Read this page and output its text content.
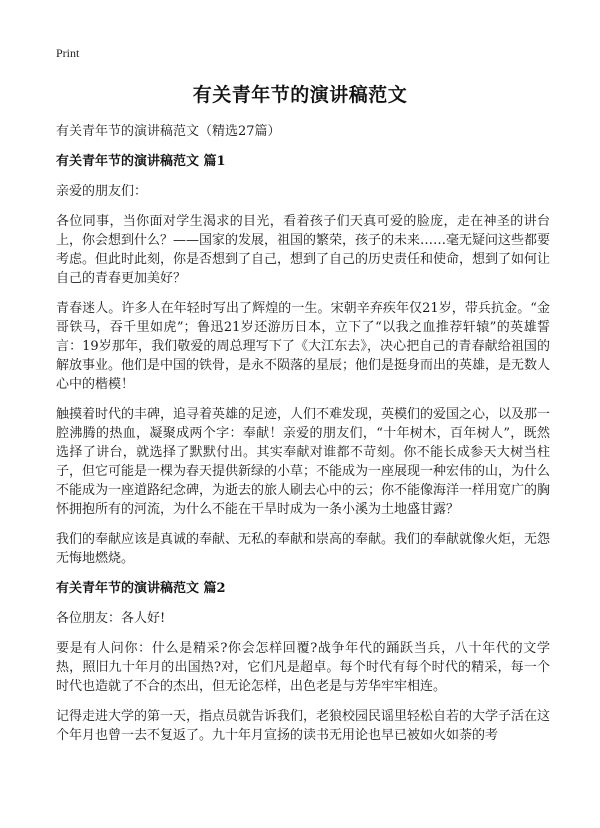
Print
有关青年节的演讲稿范文

有关青年节的演讲稿范文（精选27篇）

有关青年节的演讲稿范文 篇1

亲爱的朋友们：

各位同事，当你面对学生渴求的目光，看着孩子们天真可爱的脸庞，走在神圣的讲台上，你会想到什么？——国家的发展，祖国的繁荣，孩子的未来……毫无疑问这些都要考虑。但此时此刻，你是否想到了自己，想到了自己的历史责任和使命，想到了如何让自己的青春更加美好？

青春迷人。许多人在年轻时写出了辉煌的一生。宋朝辛弃疾年仅21岁，带兵抗金。“金哥铁马，吞千里如虎”；鲁迅21岁还游历日本，立下了“以我之血推荐轩辕”的英雄誓言：19岁那年，我们敬爱的周总理写下了《大江东去》，决心把自己的青春献给祖国的解放事业。他们是中国的铁骨，是永不陨落的星辰；他们是挺身而出的英雄，是无数人心中的楷模！

触摸着时代的丰碑，追寻着英雄的足迹，人们不难发现，英模们的爱国之心，以及那一腔沸腾的热血，凝聚成两个字：奉献！亲爱的朋友们，“十年树木，百年树人”，既然选择了讲台，就选择了默默付出。其实奉献对谁都不苛刻。你不能长成参天大树当柱子，但它可能是一棵为春天提供新绿的小草；不能成为一座展现一种宏伟的山，为什么不能成为一座道路纪念碑，为逝去的旅人刷去心中的云；你不能像海洋一样用宽广的胸怀拥抱所有的河流，为什么不能在干旱时成为一条小溪为土地盛甘露？

我们的奉献应该是真诚的奉献、无私的奉献和崇高的奉献。我们的奉献就像火炬，无怨无悔地燃烧。

有关青年节的演讲稿范文 篇2

各位朋友：各人好!

要是有人问你：什么是精采?你会怎样回覆?战争年代的踊跃当兵，八十年代的文学热，照旧九十年月的出国热?对，它们凡是超卓。每个时代有每个时代的精采，每一个时代也造就了不合的杰出，但无论怎样，出色老是与芳华牢牢相连。

记得走进大学的第一天，指点员就告诉我们，老狼校园民谣里轻松自若的大学子活在这个年月也曾一去不复返了。九十年月宣扬的读书无用论也早已被如火如荼的考
